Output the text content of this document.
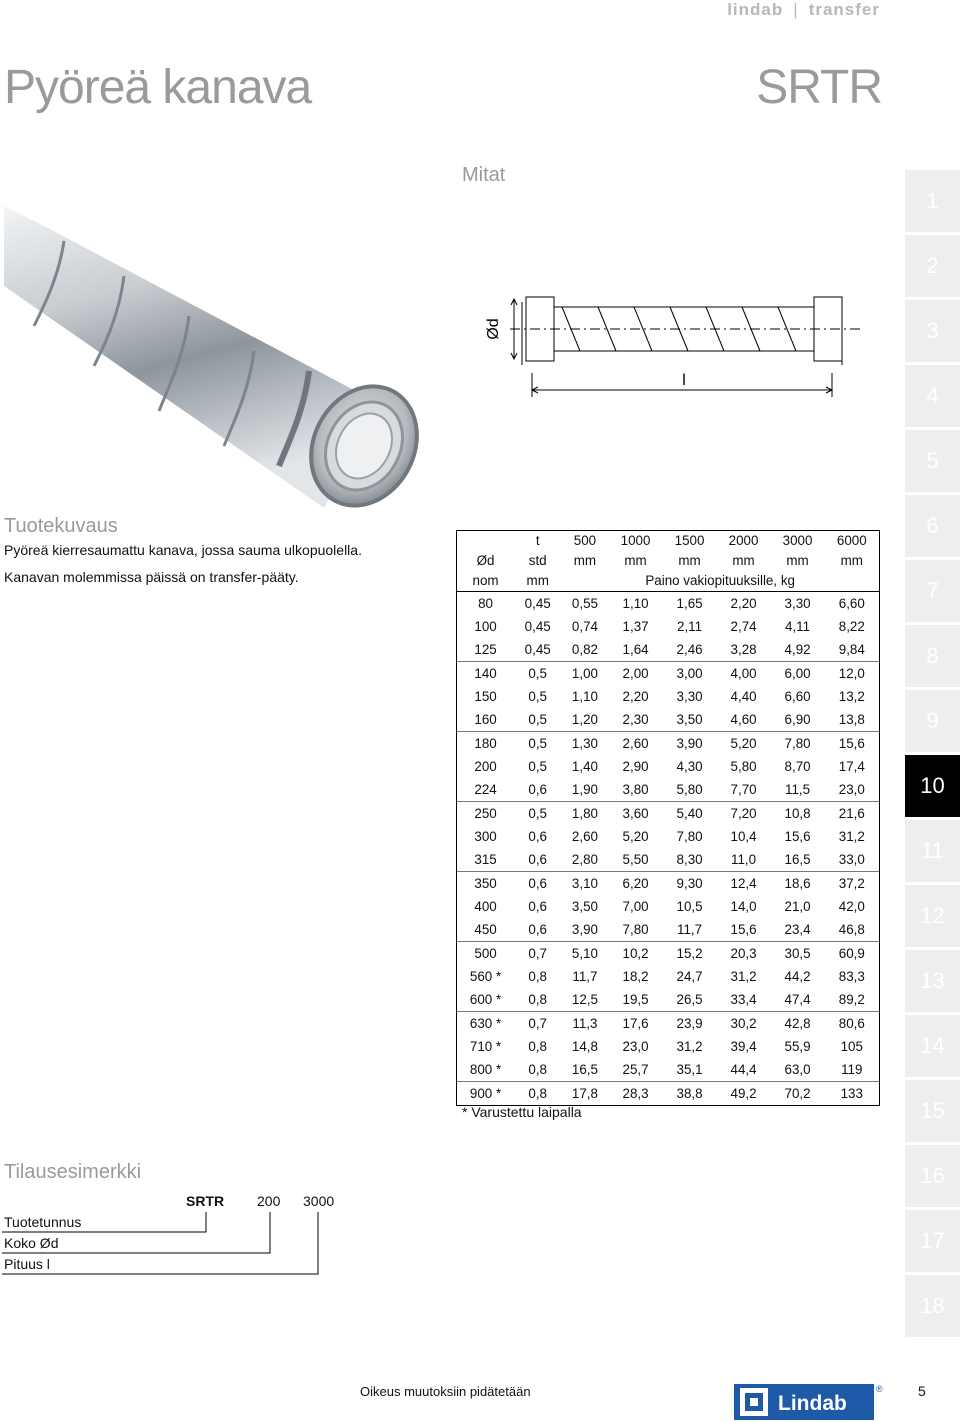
lindab | transfer
Pyöreä kanava	SRTR
Mitat
Ød
l
Tuotekuvaus
Pyöreä kierresaumattu kanava, jossa sauma ulkopuolella.
Kanavan molemmissa päissä on transfer-pääty.
	t	500	1000	1500	2000	3000	6000
Ød	std	mm	mm	mm	mm	mm	mm
nom	mm	Paino vakiopituuksille, kg					
80	0,45	0,55	1,10	1,65	2,20	3,30	6,60
100	0,45	0,74	1,37	2,11	2,74	4,11	8,22
125	0,45	0,82	1,64	2,46	3,28	4,92	9,84
140	0,5	1,00	2,00	3,00	4,00	6,00	12,0
150	0,5	1,10	2,20	3,30	4,40	6,60	13,2
160	0,5	1,20	2,30	3,50	4,60	6,90	13,8
180	0,5	1,30	2,60	3,90	5,20	7,80	15,6
200	0,5	1,40	2,90	4,30	5,80	8,70	17,4
224	0,6	1,90	3,80	5,80	7,70	11,5	23,0
250	0,5	1,80	3,60	5,40	7,20	10,8	21,6
300	0,6	2,60	5,20	7,80	10,4	15,6	31,2
315	0,6	2,80	5,50	8,30	11,0	16,5	33,0
350	0,6	3,10	6,20	9,30	12,4	18,6	37,2
400	0,6	3,50	7,00	10,5	14,0	21,0	42,0
450	0,6	3,90	7,80	11,7	15,6	23,4	46,8
500	0,7	5,10	10,2	15,2	20,3	30,5	60,9
560 *	0,8	11,7	18,2	24,7	31,2	44,2	83,3
600 *	0,8	12,5	19,5	26,5	33,4	47,4	89,2
630 *	0,7	11,3	17,6	23,9	30,2	42,8	80,6
710 *	0,8	14,8	23,0	31,2	39,4	55,9	105
800 *	0,8	16,5	25,7	35,1	44,4	63,0	119
900 *	0,8	17,8	28,3	38,8	49,2	70,2	133
* Varustettu laipalla
Tilausesimerkki
SRTR 200 3000
Tuotetunnus
Koko Ød
Pituus l
1
2
3
4
5
6
7
8
9
10
11
12
13
14
15
16
17
18
Oikeus muutoksiin pidätetään
Lindab
®	5
